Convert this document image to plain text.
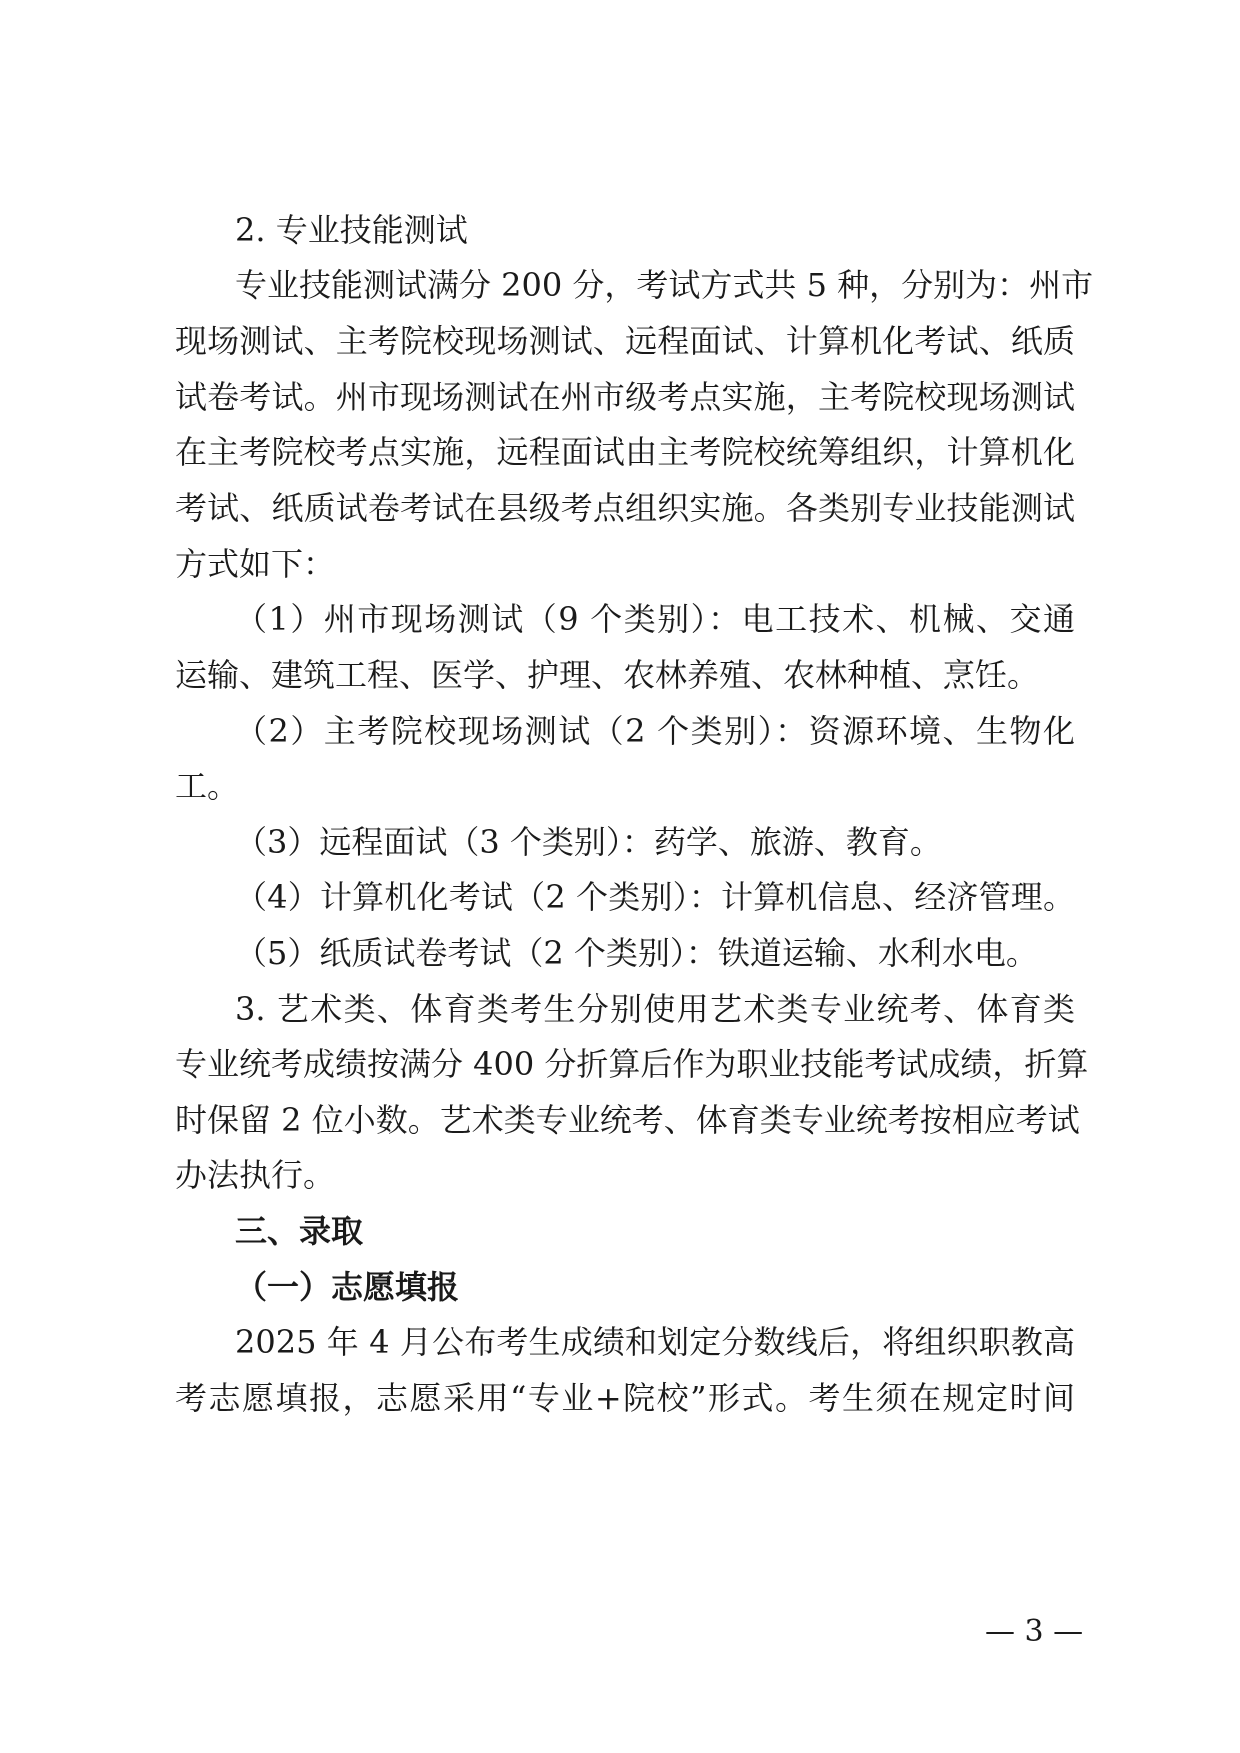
2. 专业技能测试
专业技能测试满分 200 分，考试方式共 5 种，分别为：州市
现场测试、主考院校现场测试、远程面试、计算机化考试、纸质
试卷考试。州市现场测试在州市级考点实施，主考院校现场测试
在主考院校考点实施，远程面试由主考院校统筹组织，计算机化
考试、纸质试卷考试在县级考点组织实施。各类别专业技能测试
方式如下：
（1）州市现场测试（9 个类别）：电工技术、机械、交通
运输、建筑工程、医学、护理、农林养殖、农林种植、烹饪。
（2）主考院校现场测试（2 个类别）：资源环境、生物化
工。
（3）远程面试（3 个类别）：药学、旅游、教育。
（4）计算机化考试（2 个类别）：计算机信息、经济管理。
（5）纸质试卷考试（2 个类别）：铁道运输、水利水电。
3. 艺术类、体育类考生分别使用艺术类专业统考、体育类
专业统考成绩按满分 400 分折算后作为职业技能考试成绩，折算
时保留 2 位小数。艺术类专业统考、体育类专业统考按相应考试
办法执行。
三、录取
（一）志愿填报
2025 年 4 月公布考生成绩和划定分数线后，将组织职教高
考志愿填报，志愿采用“专业+院校”形式。考生须在规定时间
— 3 —
